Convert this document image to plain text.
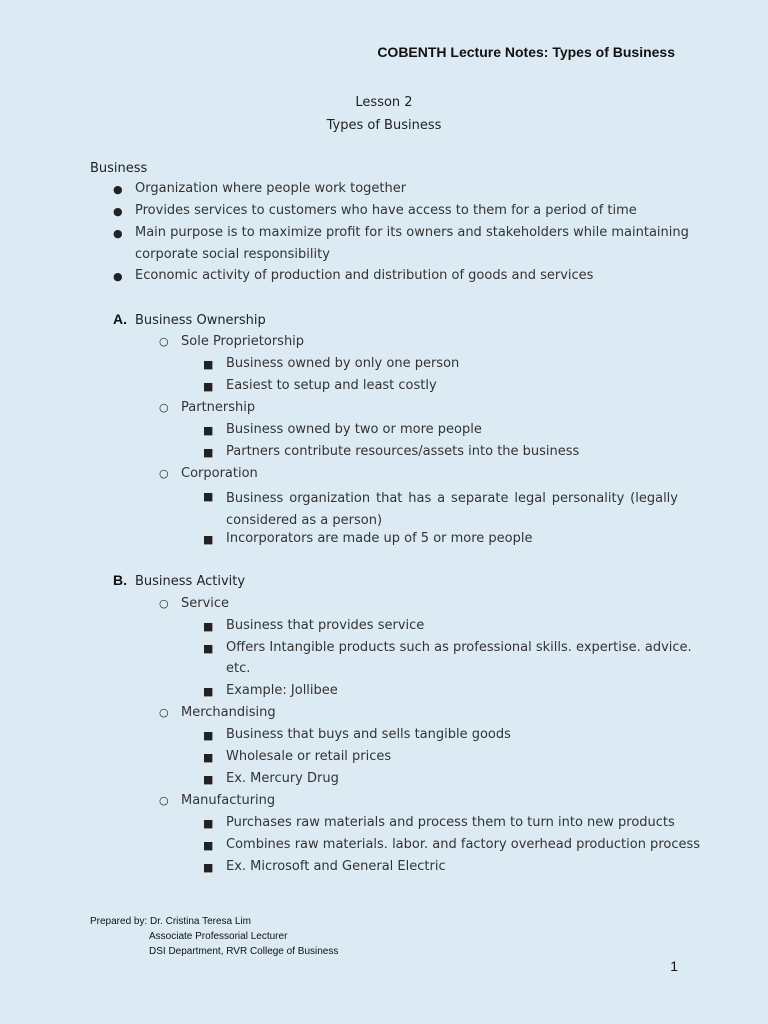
COBENTH Lecture Notes: Types of Business
Lesson 2
Types of Business
Business
● Organization where people work together
● Provides services to customers who have access to them for a period of time
● Main purpose is to maximize profit for its owners and stakeholders while maintaining
corporate social responsibility
● Economic activity of production and distribution of goods and services
A. Business Ownership
○ Sole Proprietorship
■ Business owned by only one person
■ Easiest to setup and least costly
○ Partnership
■ Business owned by two or more people
■ Partners contribute resources/assets into the business
○ Corporation
■ Business organization that has a separate legal personality (legally considered as a person)
■ Incorporators are made up of 5 or more people
B. Business Activity
○ Service
■ Business that provides service
■ Offers Intangible products such as professional skills. expertise. advice.
etc.
■ Example: Jollibee
○ Merchandising
■ Business that buys and sells tangible goods
■ Wholesale or retail prices
■ Ex. Mercury Drug
○ Manufacturing
■ Purchases raw materials and process them to turn into new products
■ Combines raw materials. labor. and factory overhead production process
■ Ex. Microsoft and General Electric
Prepared by: Dr. Cristina Teresa Lim
Associate Professorial Lecturer
DSI Department, RVR College of Business
1
